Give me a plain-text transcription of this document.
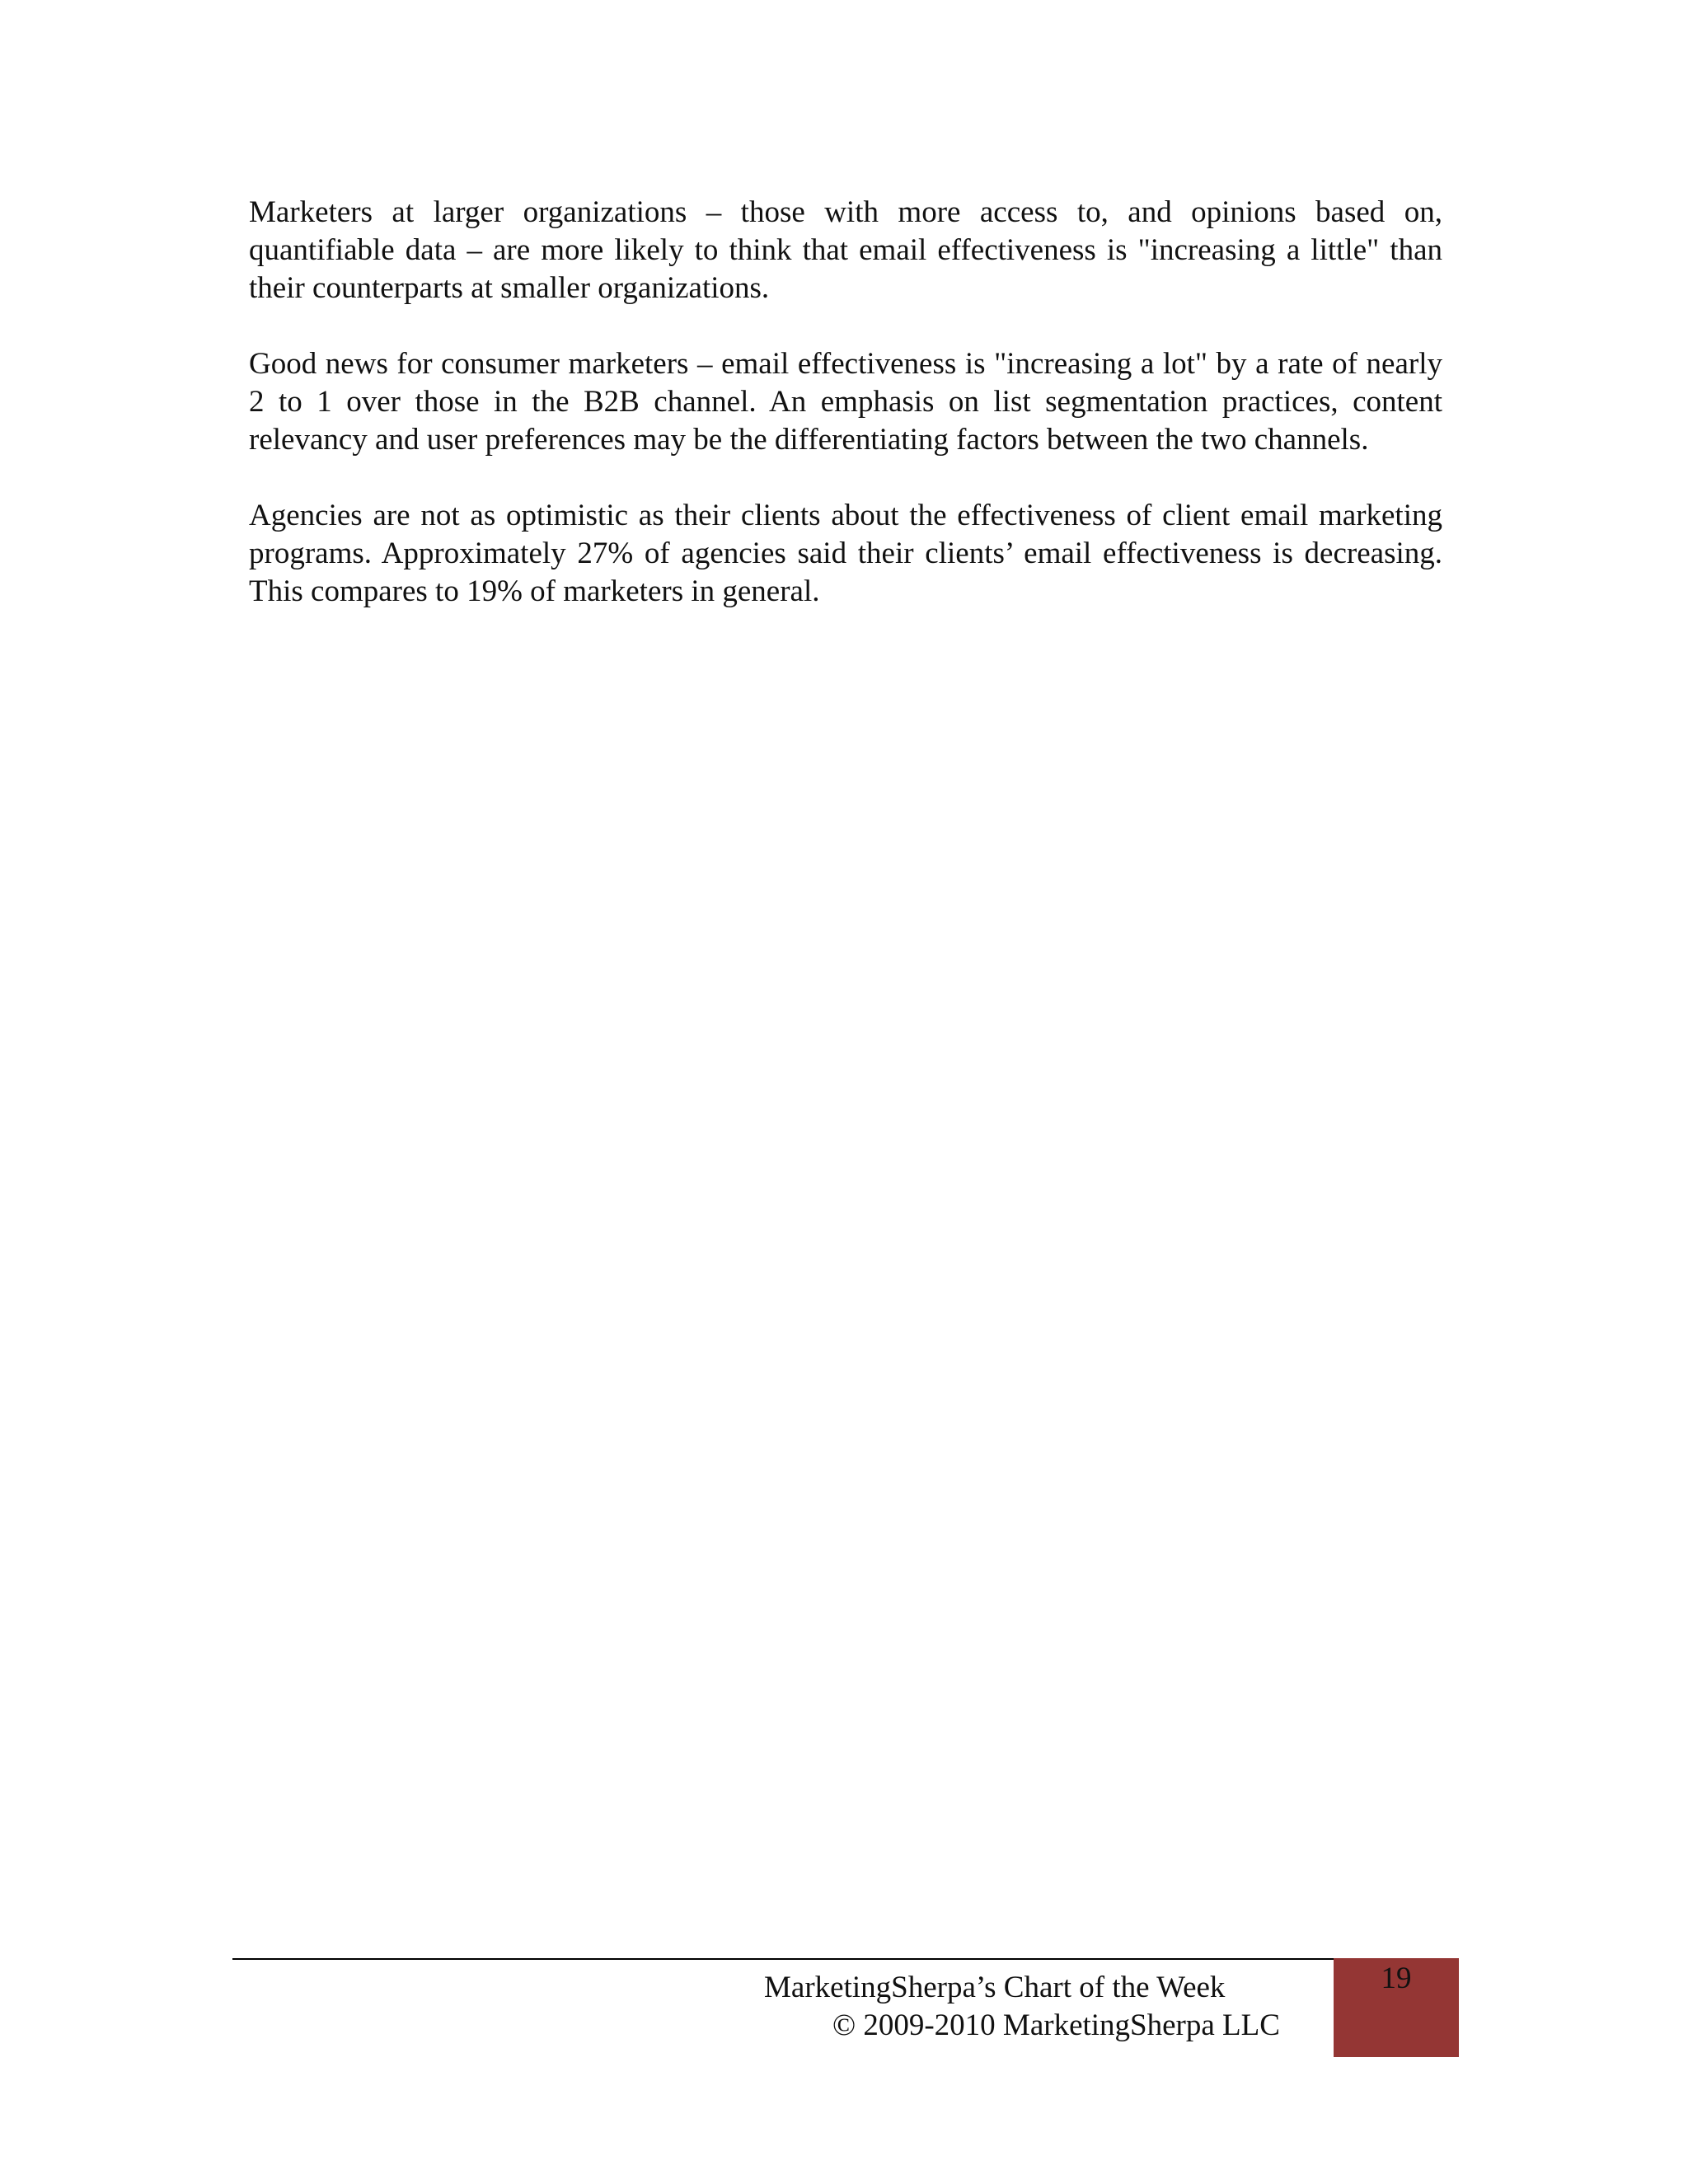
Marketers at larger organizations – those with more access to, and opinions based on, quantifiable data – are more likely to think that email effectiveness is "increasing a little" than their counterparts at smaller organizations.

Good news for consumer marketers – email effectiveness is "increasing a lot" by a rate of nearly 2 to 1 over those in the B2B channel. An emphasis on list segmentation practices, content relevancy and user preferences may be the differentiating factors between the two channels.

Agencies are not as optimistic as their clients about the effectiveness of client email marketing programs. Approximately 27% of agencies said their clients’ email effectiveness is decreasing. This compares to 19% of marketers in general.

MarketingSherpa’s Chart of the Week
© 2009-2010 MarketingSherpa LLC
19
